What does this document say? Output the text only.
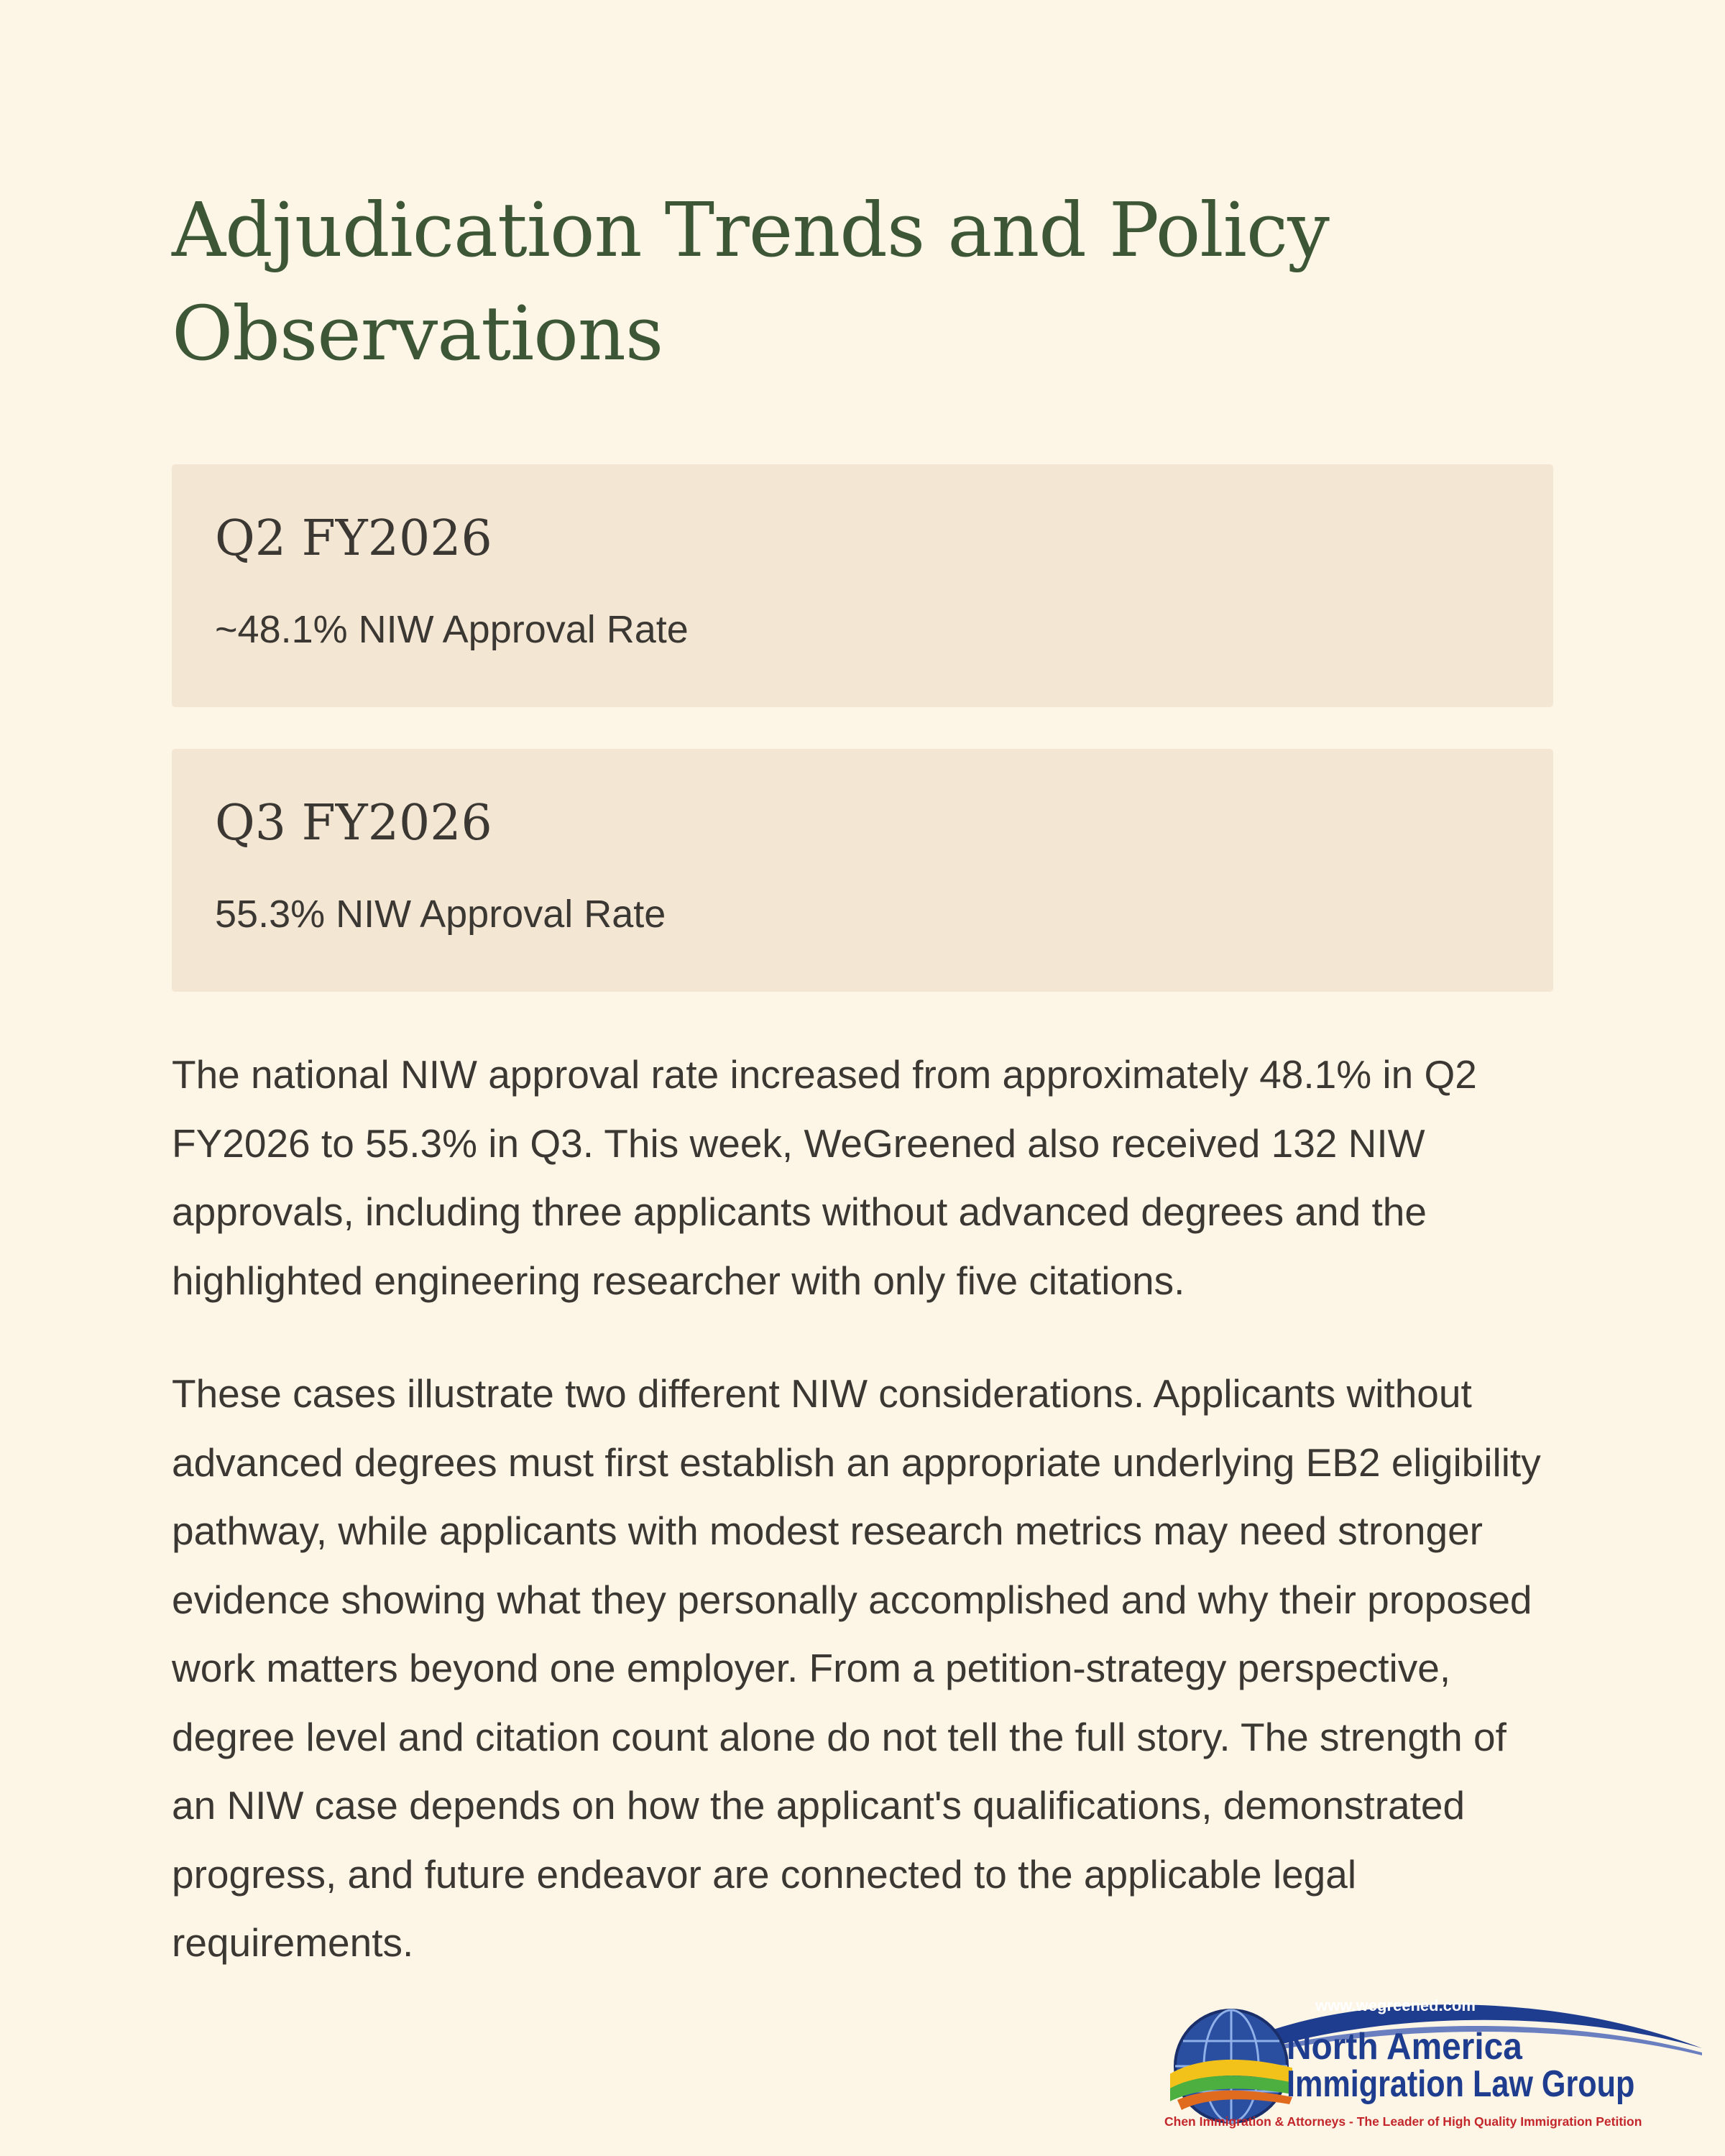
Adjudication Trends and Policy Observations
Q2 FY2026

~48.1% NIW Approval Rate

Q3 FY2026

55.3% NIW Approval Rate

The national NIW approval rate increased from approximately 48.1% in Q2 FY2026 to 55.3% in Q3. This week, WeGreened also received 132 NIW approvals, including three applicants without advanced degrees and the highlighted engineering researcher with only five citations.

These cases illustrate two different NIW considerations. Applicants without advanced degrees must first establish an appropriate underlying EB2 eligibility pathway, while applicants with modest research metrics may need stronger evidence showing what they personally accomplished and why their proposed work matters beyond one employer. From a petition-strategy perspective, degree level and citation count alone do not tell the full story. The strength of an NIW case depends on how the applicant's qualifications, demonstrated progress, and future endeavor are connected to the applicable legal requirements.

www.wegreened.com
North America
Immigration Law Group
Chen Immigration & Attorneys - The Leader of High Quality Immigration Petition
